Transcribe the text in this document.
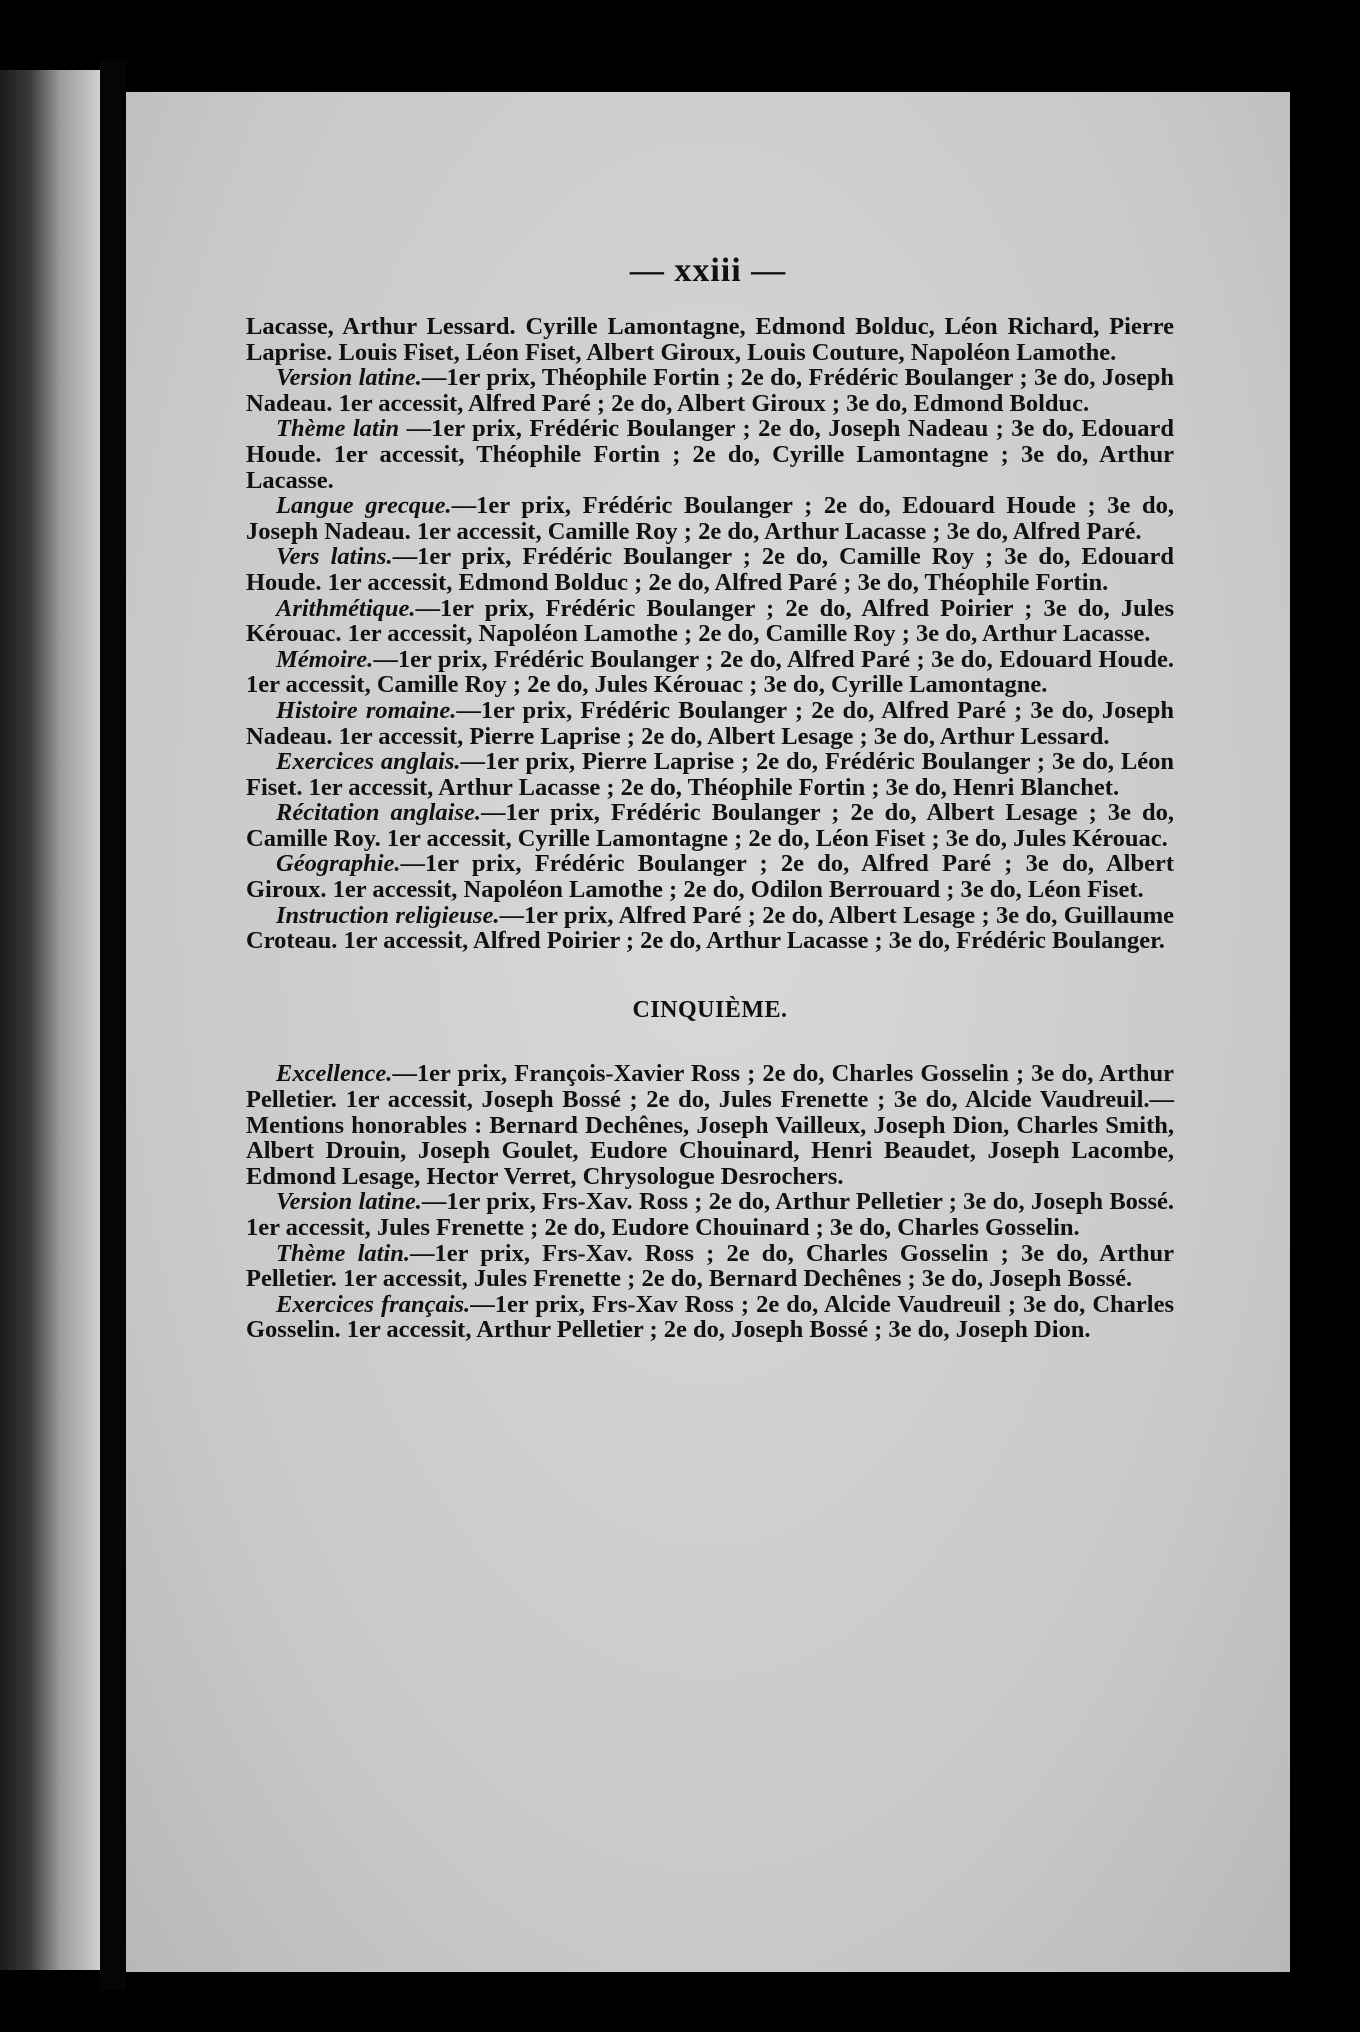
— xxiii —

Lacasse, Arthur Lessard. Cyrille Lamontagne, Edmond Bolduc, Léon Richard, Pierre Laprise. Louis Fiset, Léon Fiset, Albert Giroux, Louis Couture, Napoléon Lamothe.

Version latine.—1er prix, Théophile Fortin ; 2e do, Frédéric Boulanger ; 3e do, Joseph Nadeau. 1er accessit, Alfred Paré ; 2e do, Albert Giroux ; 3e do, Edmond Bolduc.

Thème latin —1er prix, Frédéric Boulanger ; 2e do, Joseph Nadeau ; 3e do, Edouard Houde. 1er accessit, Théophile Fortin ; 2e do, Cyrille Lamontagne ; 3e do, Arthur Lacasse.

Langue grecque.—1er prix, Frédéric Boulanger ; 2e do, Edouard Houde ; 3e do, Joseph Nadeau. 1er accessit, Camille Roy ; 2e do, Arthur Lacasse ; 3e do, Alfred Paré.

Vers latins.—1er prix, Frédéric Boulanger ; 2e do, Camille Roy ; 3e do, Edouard Houde. 1er accessit, Edmond Bolduc ; 2e do, Alfred Paré ; 3e do, Théophile Fortin.

Arithmétique.—1er prix, Frédéric Boulanger ; 2e do, Alfred Poirier ; 3e do, Jules Kérouac. 1er accessit, Napoléon Lamothe ; 2e do, Camille Roy ; 3e do, Arthur Lacasse.

Mémoire.—1er prix, Frédéric Boulanger ; 2e do, Alfred Paré ; 3e do, Edouard Houde. 1er accessit, Camille Roy ; 2e do, Jules Kérouac ; 3e do, Cyrille Lamontagne.

Histoire romaine.—1er prix, Frédéric Boulanger ; 2e do, Alfred Paré ; 3e do, Joseph Nadeau. 1er accessit, Pierre Laprise ; 2e do, Albert Lesage ; 3e do, Arthur Lessard.

Exercices anglais.—1er prix, Pierre Laprise ; 2e do, Frédéric Boulanger ; 3e do, Léon Fiset. 1er accessit, Arthur Lacasse ; 2e do, Théophile Fortin ; 3e do, Henri Blanchet.

Récitation anglaise.—1er prix, Frédéric Boulanger ; 2e do, Albert Lesage ; 3e do, Camille Roy. 1er accessit, Cyrille Lamontagne ; 2e do, Léon Fiset ; 3e do, Jules Kérouac.

Géographie.—1er prix, Frédéric Boulanger ; 2e do, Alfred Paré ; 3e do, Albert Giroux. 1er accessit, Napoléon Lamothe ; 2e do, Odilon Berrouard ; 3e do, Léon Fiset.

Instruction religieuse.—1er prix, Alfred Paré ; 2e do, Albert Lesage ; 3e do, Guillaume Croteau. 1er accessit, Alfred Poirier ; 2e do, Arthur Lacasse ; 3e do, Frédéric Boulanger.

CINQUIÈME.

Excellence.—1er prix, François-Xavier Ross ; 2e do, Charles Gosselin ; 3e do, Arthur Pelletier. 1er accessit, Joseph Bossé ; 2e do, Jules Frenette ; 3e do, Alcide Vaudreuil.—Mentions honorables : Bernard Dechênes, Joseph Vailleux, Joseph Dion, Charles Smith, Albert Drouin, Joseph Goulet, Eudore Chouinard, Henri Beaudet, Joseph Lacombe, Edmond Lesage, Hector Verret, Chrysologue Desrochers.

Version latine.—1er prix, Frs-Xav. Ross ; 2e do, Arthur Pelletier ; 3e do, Joseph Bossé. 1er accessit, Jules Frenette ; 2e do, Eudore Chouinard ; 3e do, Charles Gosselin.

Thème latin.—1er prix, Frs-Xav. Ross ; 2e do, Charles Gosselin ; 3e do, Arthur Pelletier. 1er accessit, Jules Frenette ; 2e do, Bernard Dechênes ; 3e do, Joseph Bossé.

Exercices français.—1er prix, Frs-Xav Ross ; 2e do, Alcide Vaudreuil ; 3e do, Charles Gosselin. 1er accessit, Arthur Pelletier ; 2e do, Joseph Bossé ; 3e do, Joseph Dion.
